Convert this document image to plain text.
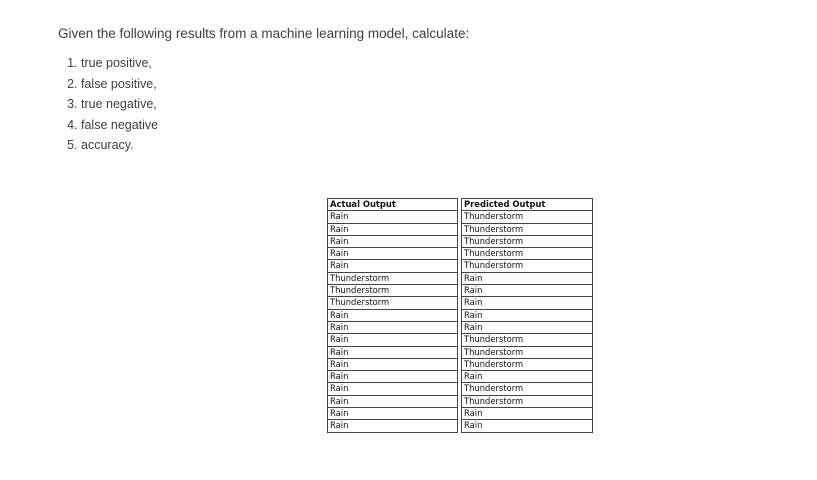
Given the following results from a machine learning model, calculate:
1. true positive,
2. false positive,
3. true negative,
4. false negative
5. accuracy.
Actual Output		Predicted Output
Rain		Thunderstorm
Rain		Thunderstorm
Rain		Thunderstorm
Rain		Thunderstorm
Rain		Thunderstorm
Thunderstorm		Rain
Thunderstorm		Rain
Thunderstorm		Rain
Rain		Rain
Rain		Rain
Rain		Thunderstorm
Rain		Thunderstorm
Rain		Thunderstorm
Rain		Rain
Rain		Thunderstorm
Rain		Thunderstorm
Rain		Rain
Rain		Rain
